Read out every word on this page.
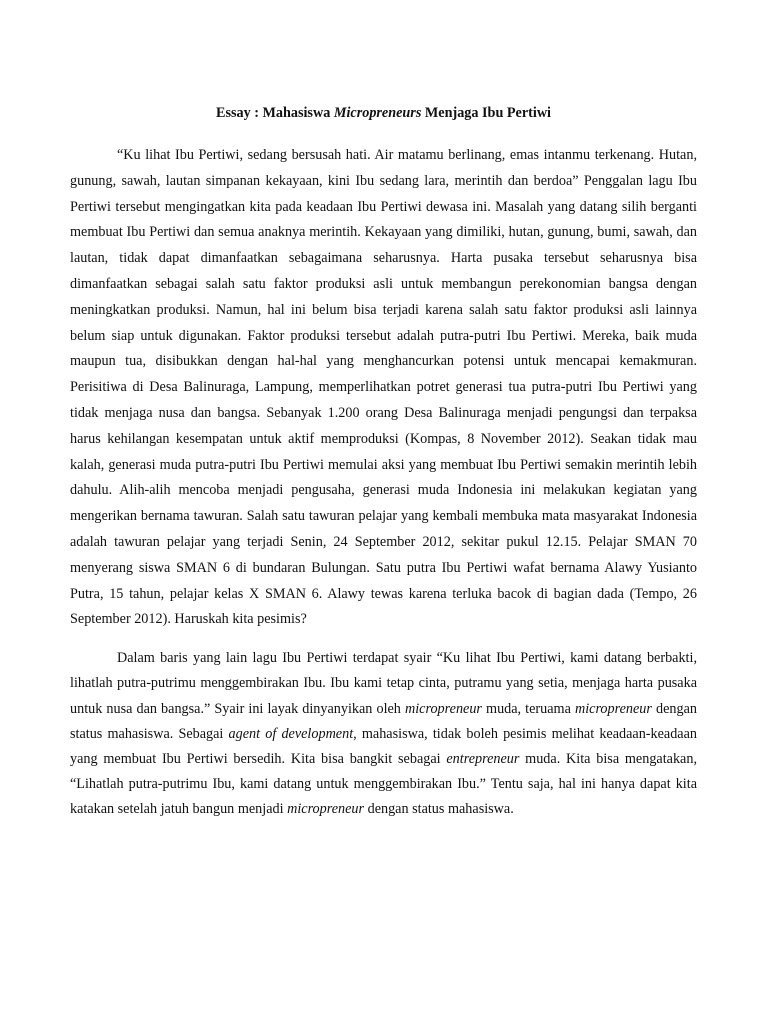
Essay : Mahasiswa Micropreneurs Menjaga Ibu Pertiwi

“Ku lihat Ibu Pertiwi, sedang bersusah hati. Air matamu berlinang, emas intanmu terkenang. Hutan, gunung, sawah, lautan simpanan kekayaan, kini Ibu sedang lara, merintih dan berdoa” Penggalan lagu Ibu Pertiwi tersebut mengingatkan kita pada keadaan Ibu Pertiwi dewasa ini. Masalah yang datang silih berganti membuat Ibu Pertiwi dan semua anaknya merintih. Kekayaan yang dimiliki, hutan, gunung, bumi, sawah, dan lautan, tidak dapat dimanfaatkan sebagaimana seharusnya. Harta pusaka tersebut seharusnya bisa dimanfaatkan sebagai salah satu faktor produksi asli untuk membangun perekonomian bangsa dengan meningkatkan produksi. Namun, hal ini belum bisa terjadi karena salah satu faktor produksi asli lainnya belum siap untuk digunakan. Faktor produksi tersebut adalah putra-putri Ibu Pertiwi. Mereka, baik muda maupun tua, disibukkan dengan hal-hal yang menghancurkan potensi untuk mencapai kemakmuran. Perisitiwa di Desa Balinuraga, Lampung, memperlihatkan potret generasi tua putra-putri Ibu Pertiwi yang tidak menjaga nusa dan bangsa. Sebanyak 1.200 orang Desa Balinuraga menjadi pengungsi dan terpaksa harus kehilangan kesempatan untuk aktif memproduksi (Kompas, 8 November 2012). Seakan tidak mau kalah, generasi muda putra-putri Ibu Pertiwi memulai aksi yang membuat Ibu Pertiwi semakin merintih lebih dahulu. Alih-alih mencoba menjadi pengusaha, generasi muda Indonesia ini melakukan kegiatan yang mengerikan bernama tawuran. Salah satu tawuran pelajar yang kembali membuka mata masyarakat Indonesia adalah tawuran pelajar yang terjadi Senin, 24 September 2012, sekitar pukul 12.15. Pelajar SMAN 70 menyerang siswa SMAN 6 di bundaran Bulungan. Satu putra Ibu Pertiwi wafat bernama Alawy Yusianto Putra, 15 tahun, pelajar kelas X SMAN 6. Alawy tewas karena terluka bacok di bagian dada (Tempo, 26 September 2012). Haruskah kita pesimis?

Dalam baris yang lain lagu Ibu Pertiwi terdapat syair “Ku lihat Ibu Pertiwi, kami datang berbakti, lihatlah putra-putrimu menggembirakan Ibu. Ibu kami tetap cinta, putramu yang setia, menjaga harta pusaka untuk nusa dan bangsa.” Syair ini layak dinyanyikan oleh micropreneur muda, teruama micropreneur dengan status mahasiswa. Sebagai agent of development, mahasiswa, tidak boleh pesimis melihat keadaan-keadaan yang membuat Ibu Pertiwi bersedih. Kita bisa bangkit sebagai entrepreneur muda. Kita bisa mengatakan, “Lihatlah putra-putrimu Ibu, kami datang untuk menggembirakan Ibu.” Tentu saja, hal ini hanya dapat kita katakan setelah jatuh bangun menjadi micropreneur dengan status mahasiswa.
